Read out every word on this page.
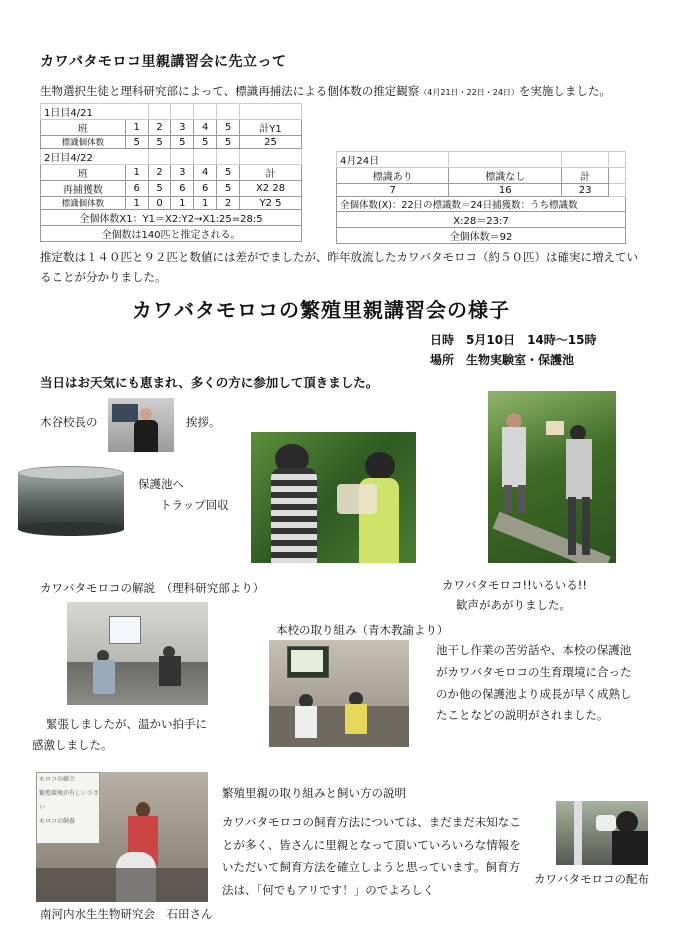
カワバタモロコ里親講習会に先立って
生物選択生徒と理科研究部によって、標識再捕法による個体数の推定観察（4月21日・22日・24日）を実施しました。
1日目4/21						
班	1	2	3	4	5	計Y1
標識個体数	5	5	5	5	5	25
2日目4/22						
班	1	2	3	4	5	計
再捕獲数	6	5	6	6	5	X2 28
標識個体数	1	0	1	1	2	Y2 5
全個体数X1：Y1＝X2:Y2→X1:25=28:5						
全個数は140匹と推定される。						
4月24日			
標識あり	標識なし	計	
7	16	23	
全個体数(X)：22日の標識数＝24日捕獲数：うち標識数			
X:28＝23:7			
全個体数＝92			
推定数は１４０匹と９２匹と数値には差がでましたが、昨年放流したカワバタモロコ（約５０匹）は確実に増えていることが分かりました。
カワバタモロコの繁殖里親講習会の様子
日時　 5月10日　14時～15時
場所　 生物実験室・保護池
当日はお天気にも恵まれ、多くの方に参加して頂きました。
木谷校長の	挨拶。
保護池へ
トラップ回収
カワバタモロコの解説　（理科研究部より）	カワバタモロコ!!いるいる!!
歓声があがりました。
本校の取り組み（青木教諭より）
緊張しましたが、温かい拍手に
感激しました。
池干し作業の苦労話や、本校の保護池がカワバタモロコの生育環境に合ったのか他の保護池より成長が早く成熟したことなどの説明がされました。
モロコの確立
繁殖環境が有しい下さい
モロコの飼養
南河内水生生物研究会　石田さん
繁殖里親の取り組みと飼い方の説明
カワバタモロコの飼育方法については、まだまだ未知なことが多く、皆さんに里親となって頂いていろいろな情報をいただいて飼育方法を確立しようと思っています。飼育方法は、「何でもアリです！」のでよろしく
カワバタモロコの配布
